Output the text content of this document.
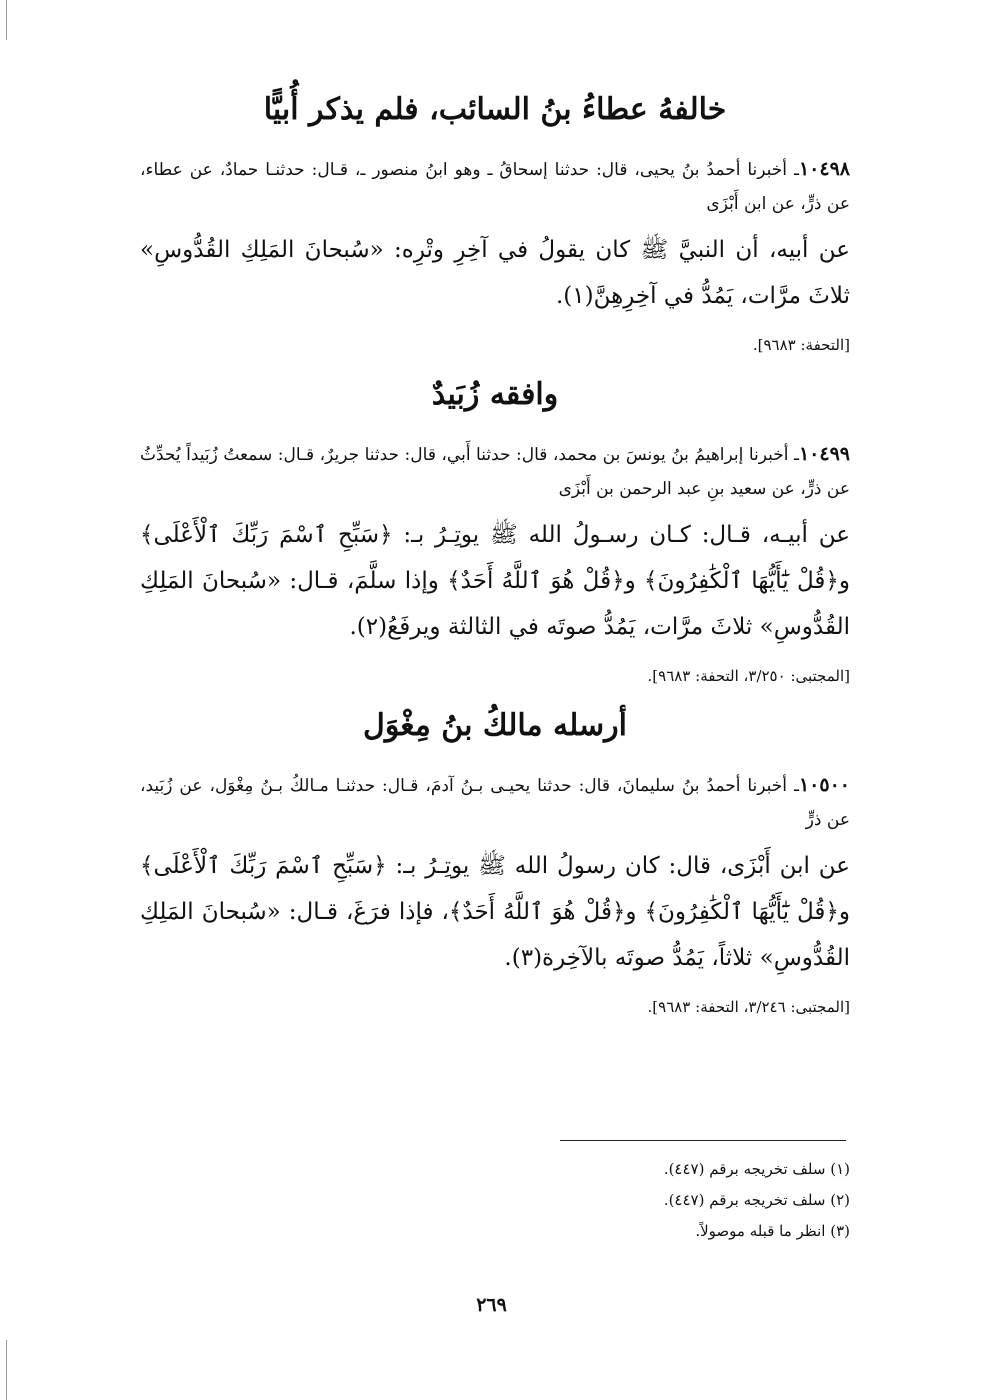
خالفهُ عطاءُ بنُ السائب، فلم يذكر أُبيًّا

١٠٤٩٨ـ أخبرنا أحمدُ بنُ يحيى، قال: حدثنا إسحاقُ ـ وهو ابنُ منصور ـ، قـال: حدثنـا حمادٌ، عن عطاء، عن ذرٍّ، عن ابن أَبْزَى

عن أبيه، أن النبيَّ ﷺ كان يقولُ في آخِرِ وتْرِه: «سُبحانَ المَلِكِ القُدُّوسِ» ثلاثَ مرَّات، يَمُدُّ في آخِرِهِنَّ(١).

[التحفة: ٩٦٨٣].

وافقه زُبَيدٌ

١٠٤٩٩ـ أخبرنا إبراهيمُ بنُ يونسَ بن محمد، قال: حدثنا أَبي، قال: حدثنا جريرٌ، قـال: سمعتُ زُبَيداً يُحدِّثُ عن ذرٍّ، عن سعيد بنِ عبد الرحمن بن أَبْزَى

عن أبيـه، قـال: كـان رسـولُ الله ﷺ يوتِـرُ بـ: ﴿سَبِّحِ ٱسْمَ رَبِّكَ ٱلْأَعْلَى﴾ و﴿قُلْ يَٰٓأَيُّهَا ٱلْكَٰفِرُونَ﴾ و﴿قُلْ هُوَ ٱللَّهُ أَحَدٌ﴾ وإذا سلَّمَ، قـال: «سُبحانَ المَلِكِ القُدُّوسِ» ثلاثَ مرَّات، يَمُدُّ صوتَه في الثالثة ويرفَعُ(٢).

[المجتبى: ٣/٢٥٠، التحفة: ٩٦٨٣].

أرسله مالكُ بنُ مِغْوَل

١٠٥٠٠ـ أخبرنا أحمدُ بنُ سليمانَ، قال: حدثنا يحيـى بـنُ آدمَ، قـال: حدثنـا مـالكُ بـنُ مِغْوَل، عن زُبَيد، عن ذرٍّ

عن ابن أَبْزَى، قال: كان رسولُ الله ﷺ يوتِـرُ بـ: ﴿سَبِّحِ ٱسْمَ رَبِّكَ ٱلْأَعْلَى﴾ و﴿قُلْ يَٰٓأَيُّهَا ٱلْكَٰفِرُونَ﴾ و﴿قُلْ هُوَ ٱللَّهُ أَحَدٌ﴾، فإذا فرَغَ، قـال: «سُبحانَ المَلِكِ القُدُّوسِ» ثلاثاً، يَمُدُّ صوتَه بالآخِرة(٣).

[المجتبى: ٣/٢٤٦، التحفة: ٩٦٨٣].

(١) سلف تخريجه برقم (٤٤٧).

(٢) سلف تخريجه برقم (٤٤٧).

(٣) انظر ما قبله موصولاً.

٢٦٩
